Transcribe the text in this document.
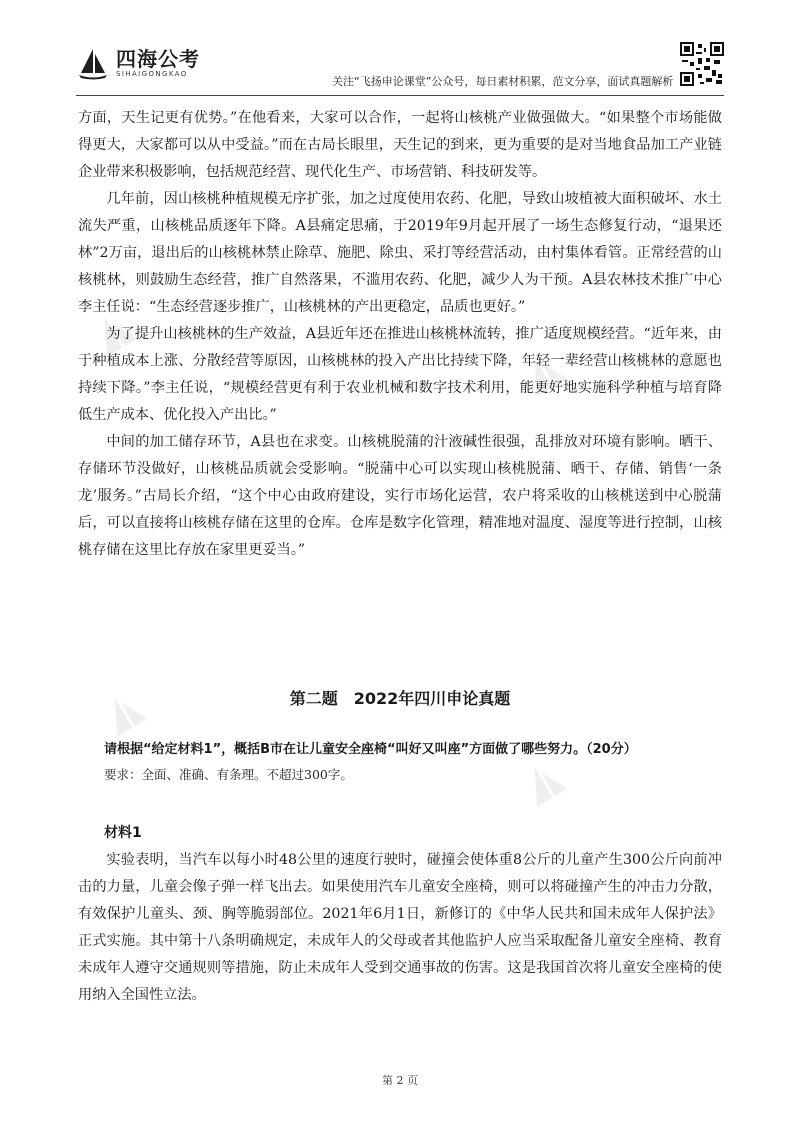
四海公考
SIHAIGONGKAO
关注“飞扬申论课堂”公众号，每日素材积累，范文分享，面试真题解析

方面，天生记更有优势。”在他看来，大家可以合作，一起将山核桃产业做强做大。“如果整个市场能做得更大，大家都可以从中受益。”而在古局长眼里，天生记的到来，更为重要的是对当地食品加工产业链企业带来积极影响，包括规范经营、现代化生产、市场营销、科技研发等。

几年前，因山核桃种植规模无序扩张，加之过度使用农药、化肥，导致山坡植被大面积破坏、水土流失严重，山核桃品质逐年下降。A县痛定思痛，于2019年9月起开展了一场生态修复行动，“退果还林”2万亩，退出后的山核桃林禁止除草、施肥、除虫、采打等经营活动，由村集体看管。正常经营的山核桃林，则鼓励生态经营，推广自然落果，不滥用农药、化肥，减少人为干预。A县农林技术推广中心李主任说：“生态经营逐步推广，山核桃林的产出更稳定，品质也更好。”

为了提升山核桃林的生产效益，A县近年还在推进山核桃林流转，推广适度规模经营。“近年来，由于种植成本上涨、分散经营等原因，山核桃林的投入产出比持续下降，年轻一辈经营山核桃林的意愿也持续下降。”李主任说，“规模经营更有利于农业机械和数字技术利用，能更好地实施科学种植与培育降低生产成本、优化投入产出比。”

中间的加工储存环节，A县也在求变。山核桃脱蒲的汁液碱性很强，乱排放对环境有影响。晒干、存储环节没做好，山核桃品质就会受影响。“脱蒲中心可以实现山核桃脱蒲、晒干、存储、销售‘一条龙’服务。”古局长介绍，“这个中心由政府建设，实行市场化运营，农户将采收的山核桃送到中心脱蒲后，可以直接将山核桃存储在这里的仓库。仓库是数字化管理，精准地对温度、湿度等进行控制，山核桃存储在这里比存放在家里更妥当。”

第二题　2022年四川申论真题
请根据“给定材料1”，概括B市在让儿童安全座椅“叫好又叫座”方面做了哪些努力。（20分）
要求：全面、准确、有条理。不超过300字。
材料1

实验表明，当汽车以每小时48公里的速度行驶时，碰撞会使体重8公斤的儿童产生300公斤向前冲击的力量，儿童会像子弹一样飞出去。如果使用汽车儿童安全座椅，则可以将碰撞产生的冲击力分散，有效保护儿童头、颈、胸等脆弱部位。2021年6月1日，新修订的《中华人民共和国未成年人保护法》正式实施。其中第十八条明确规定，未成年人的父母或者其他监护人应当采取配备儿童安全座椅、教育未成年人遵守交通规则等措施，防止未成年人受到交通事故的伤害。这是我国首次将儿童安全座椅的使用纳入全国性立法。

第 2 页
